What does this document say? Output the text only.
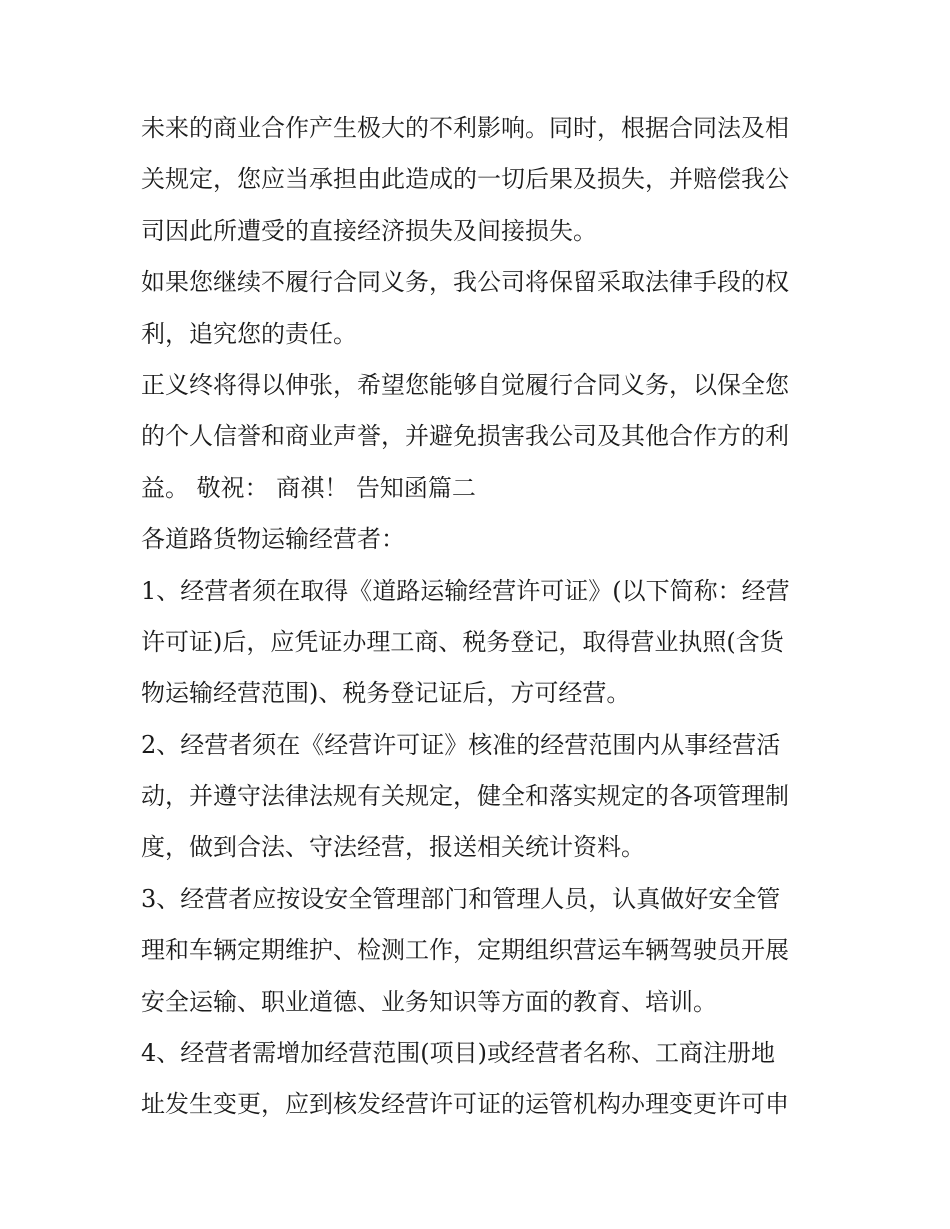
未来的商业合作产生极大的不利影响。同时，根据合同法及相
关规定，您应当承担由此造成的一切后果及损失，并赔偿我公
司因此所遭受的直接经济损失及间接损失。

如果您继续不履行合同义务，我公司将保留采取法律手段的权
利，追究您的责任。

正义终将得以伸张，希望您能够自觉履行合同义务，以保全您
的个人信誉和商业声誉，并避免损害我公司及其他合作方的利
益。 敬祝： 商祺！ 告知函篇二

各道路货物运输经营者：

1、经营者须在取得《道路运输经营许可证》(以下简称：经营
许可证)后，应凭证办理工商、税务登记，取得营业执照(含货
物运输经营范围)、税务登记证后，方可经营。

2、经营者须在《经营许可证》核准的经营范围内从事经营活
动，并遵守法律法规有关规定，健全和落实规定的各项管理制
度，做到合法、守法经营，报送相关统计资料。

3、经营者应按设安全管理部门和管理人员，认真做好安全管
理和车辆定期维护、检测工作，定期组织营运车辆驾驶员开展
安全运输、职业道德、业务知识等方面的教育、培训。

4、经营者需增加经营范围(项目)或经营者名称、工商注册地
址发生变更，应到核发经营许可证的运管机构办理变更许可申
